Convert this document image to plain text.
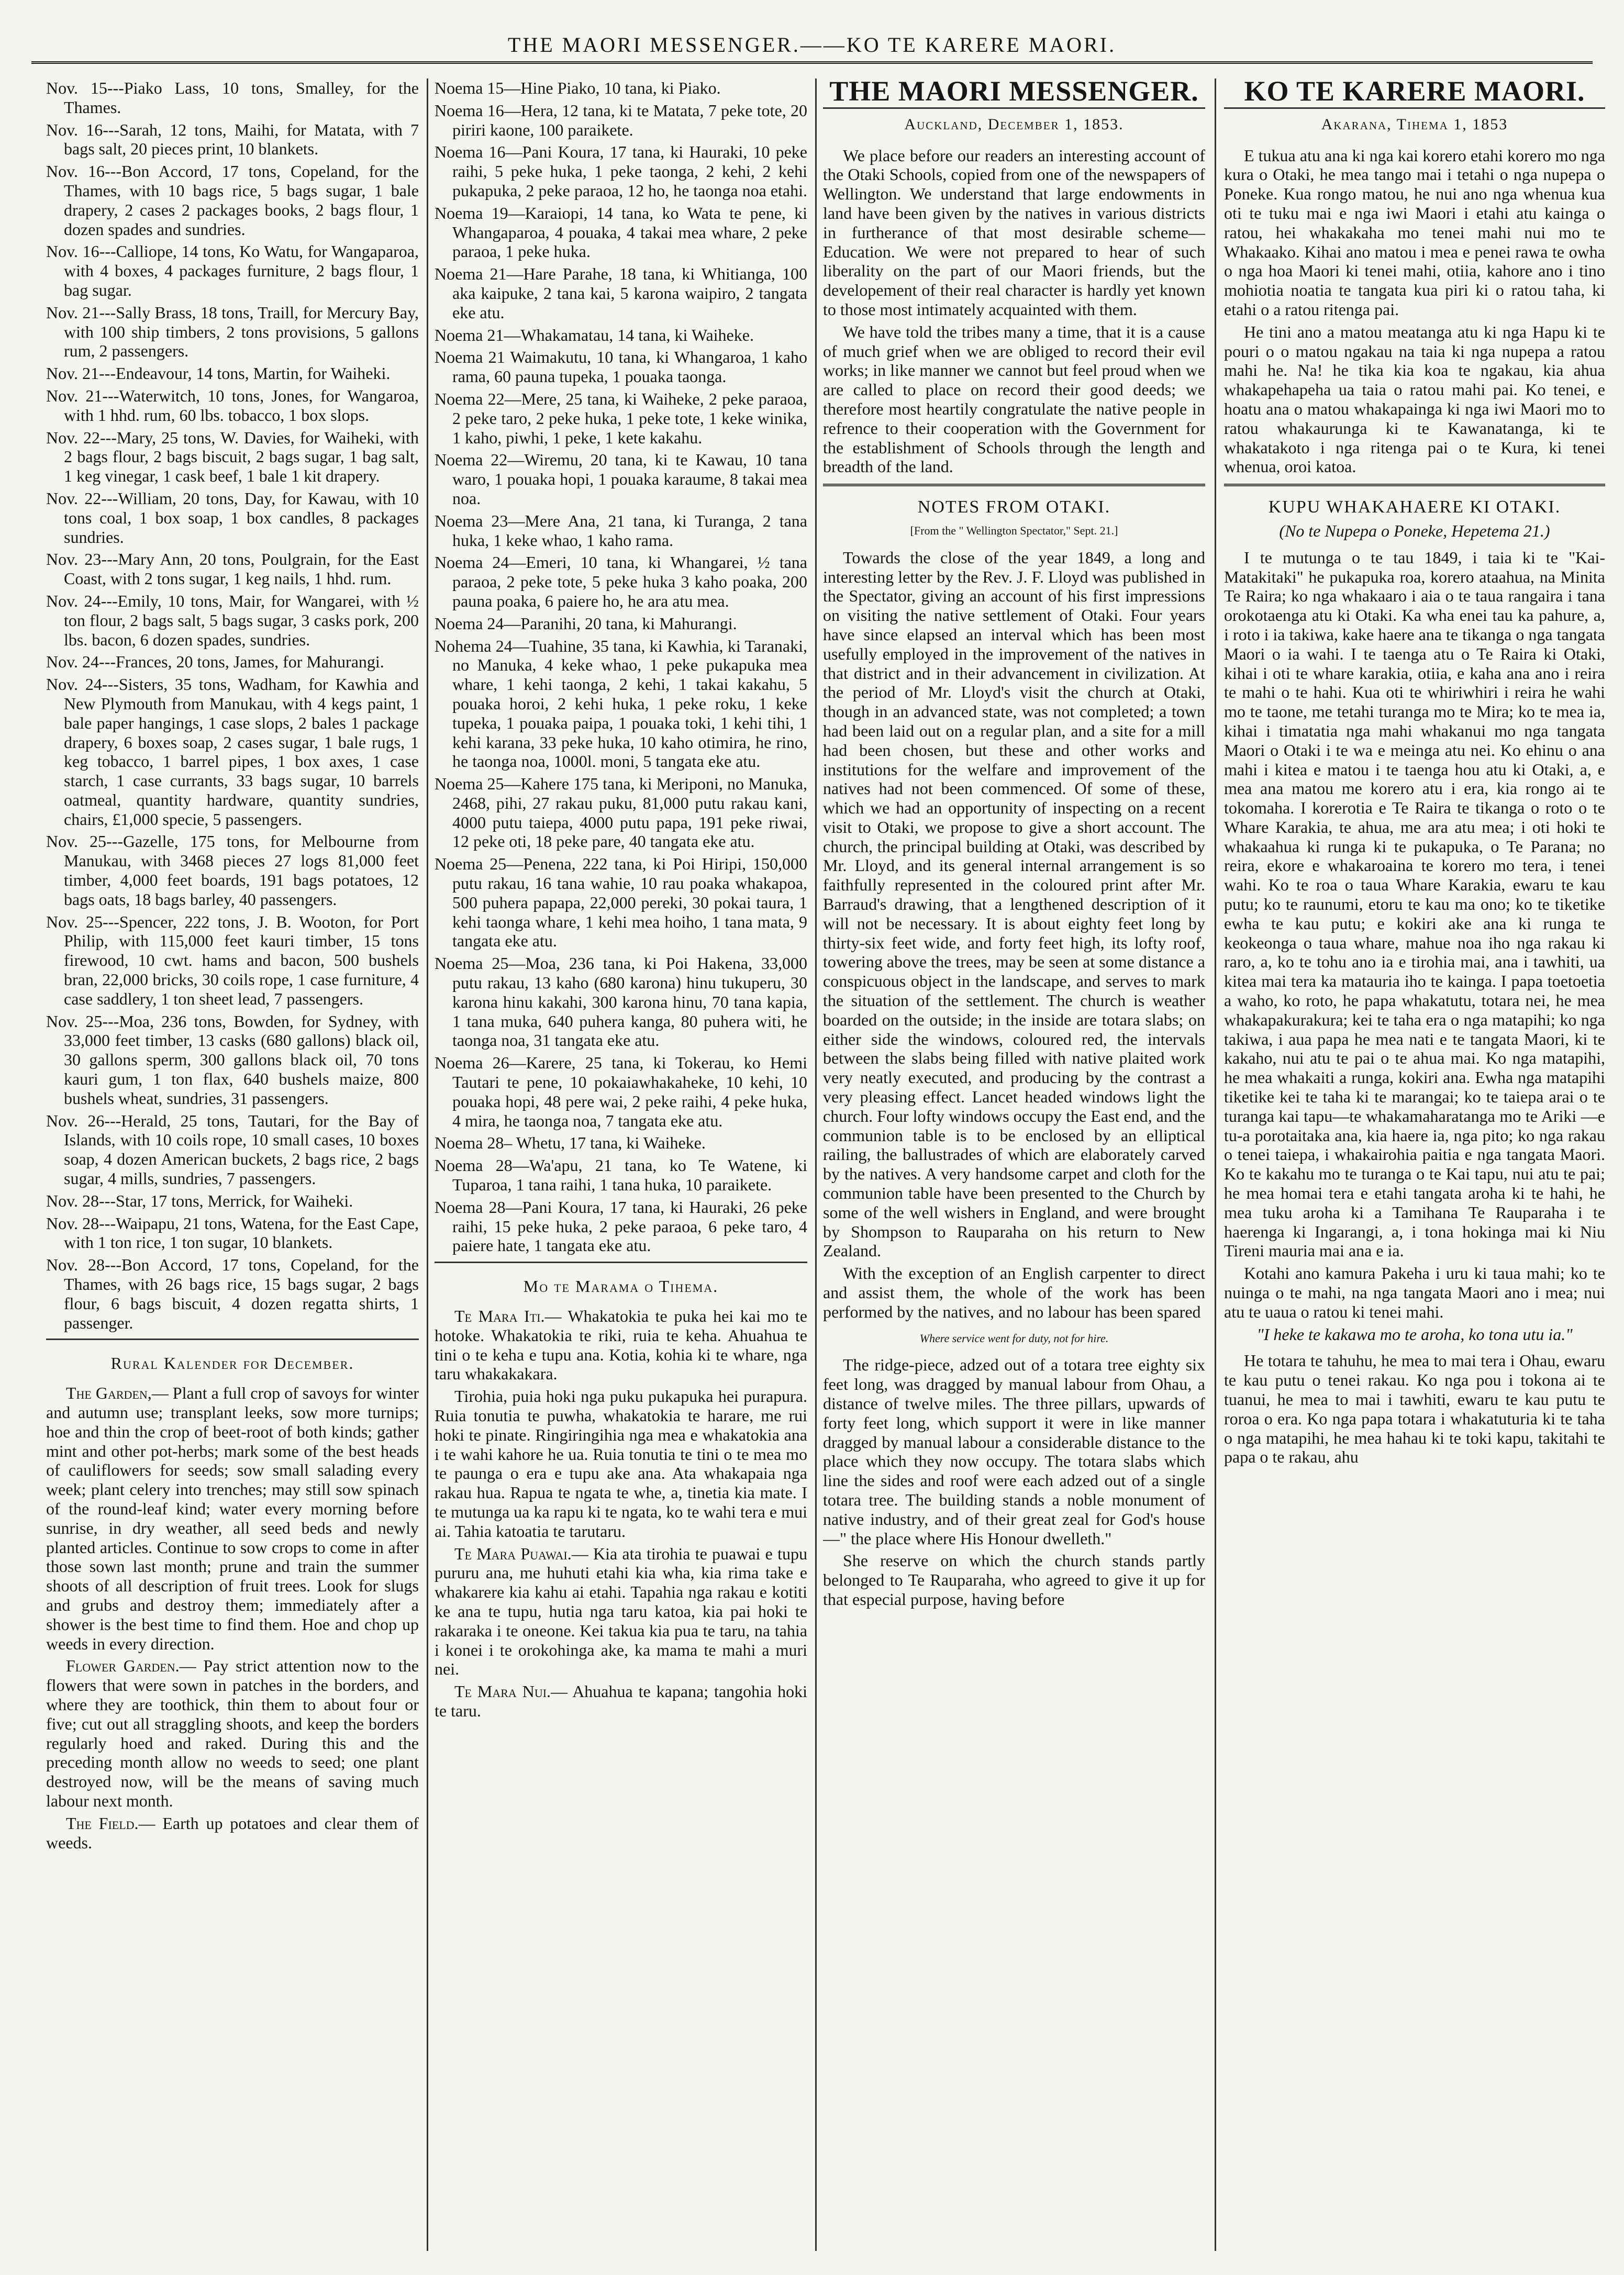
THE MAORI MESSENGER.——KO TE KARERE MAORI.

Nov. 15---Piako Lass, 10 tons, Smalley, for the Thames.

Nov. 16---Sarah, 12 tons, Maihi, for Matata, with 7 bags salt, 20 pieces print, 10 blankets.

Nov. 16---Bon Accord, 17 tons, Copeland, for the Thames, with 10 bags rice, 5 bags sugar, 1 bale drapery, 2 cases 2 packages books, 2 bags flour, 1 dozen spades and sundries.

Nov. 16---Calliope, 14 tons, Ko Watu, for Wangaparoa, with 4 boxes, 4 packages furniture, 2 bags flour, 1 bag sugar.

Nov. 21---Sally Brass, 18 tons, Traill, for Mercury Bay, with 100 ship timbers, 2 tons provisions, 5 gallons rum, 2 passengers.

Nov. 21---Endeavour, 14 tons, Martin, for Waiheki.

Nov. 21---Waterwitch, 10 tons, Jones, for Wangaroa, with 1 hhd. rum, 60 lbs. tobacco, 1 box slops.

Nov. 22---Mary, 25 tons, W. Davies, for Waiheki, with 2 bags flour, 2 bags biscuit, 2 bags sugar, 1 bag salt, 1 keg vinegar, 1 cask beef, 1 bale 1 kit drapery.

Nov. 22---William, 20 tons, Day, for Kawau, with 10 tons coal, 1 box soap, 1 box candles, 8 packages sundries.

Nov. 23---Mary Ann, 20 tons, Poulgrain, for the East Coast, with 2 tons sugar, 1 keg nails, 1 hhd. rum.

Nov. 24---Emily, 10 tons, Mair, for Wangarei, with ½ ton flour, 2 bags salt, 5 bags sugar, 3 casks pork, 200 lbs. bacon, 6 dozen spades, sundries.

Nov. 24---Frances, 20 tons, James, for Mahurangi.

Nov. 24---Sisters, 35 tons, Wadham, for Kawhia and New Plymouth from Manukau, with 4 kegs paint, 1 bale paper hangings, 1 case slops, 2 bales 1 package drapery, 6 boxes soap, 2 cases sugar, 1 bale rugs, 1 keg tobacco, 1 barrel pipes, 1 box axes, 1 case starch, 1 case currants, 33 bags sugar, 10 barrels oatmeal, quantity hardware, quantity sundries, chairs, £1,000 specie, 5 passengers.

Nov. 25---Gazelle, 175 tons, for Melbourne from Manukau, with 3468 pieces 27 logs 81,000 feet timber, 4,000 feet boards, 191 bags potatoes, 12 bags oats, 18 bags barley, 40 passengers.

Nov. 25---Spencer, 222 tons, J. B. Wooton, for Port Philip, with 115,000 feet kauri timber, 15 tons firewood, 10 cwt. hams and bacon, 500 bushels bran, 22,000 bricks, 30 coils rope, 1 case furniture, 4 case saddlery, 1 ton sheet lead, 7 passengers.

Nov. 25---Moa, 236 tons, Bowden, for Sydney, with 33,000 feet timber, 13 casks (680 gallons) black oil, 30 gallons sperm, 300 gallons black oil, 70 tons kauri gum, 1 ton flax, 640 bushels maize, 800 bushels wheat, sundries, 31 passengers.

Nov. 26---Herald, 25 tons, Tautari, for the Bay of Islands, with 10 coils rope, 10 small cases, 10 boxes soap, 4 dozen American buckets, 2 bags rice, 2 bags sugar, 4 mills, sundries, 7 passengers.

Nov. 28---Star, 17 tons, Merrick, for Waiheki.

Nov. 28---Waipapu, 21 tons, Watena, for the East Cape, with 1 ton rice, 1 ton sugar, 10 blankets.

Nov. 28---Bon Accord, 17 tons, Copeland, for the Thames, with 26 bags rice, 15 bags sugar, 2 bags flour, 6 bags biscuit, 4 dozen regatta shirts, 1 passenger.

Rural Kalender for December.

The Garden,— Plant a full crop of savoys for winter and autumn use; transplant leeks, sow more turnips; hoe and thin the crop of beet-root of both kinds; gather mint and other pot-herbs; mark some of the best heads of cauliflowers for seeds; sow small salading every week; plant celery into trenches; may still sow spinach of the round-leaf kind; water every morning before sunrise, in dry weather, all seed beds and newly planted articles. Continue to sow crops to come in after those sown last month; prune and train the summer shoots of all description of fruit trees. Look for slugs and grubs and destroy them; immediately after a shower is the best time to find them. Hoe and chop up weeds in every direction.

Flower Garden.— Pay strict attention now to the flowers that were sown in patches in the borders, and where they are toothick, thin them to about four or five; cut out all straggling shoots, and keep the borders regularly hoed and raked. During this and the preceding month allow no weeds to seed; one plant destroyed now, will be the means of saving much labour next month.

The Field.— Earth up potatoes and clear them of weeds.

Noema 15—Hine Piako, 10 tana, ki Piako.

Noema 16—Hera, 12 tana, ki te Matata, 7 peke tote, 20 piriri kaone, 100 paraikete.

Noema 16—Pani Koura, 17 tana, ki Hauraki, 10 peke raihi, 5 peke huka, 1 peke taonga, 2 kehi, 2 kehi pukapuka, 2 peke paraoa, 12 ho, he taonga noa etahi.

Noema 19—Karaiopi, 14 tana, ko Wata te pene, ki Whangaparoa, 4 pouaka, 4 takai mea whare, 2 peke paraoa, 1 peke huka.

Noema 21—Hare Parahe, 18 tana, ki Whitianga, 100 aka kaipuke, 2 tana kai, 5 karona waipiro, 2 tangata eke atu.

Noema 21—Whakamatau, 14 tana, ki Waiheke.

Noema 21 Waimakutu, 10 tana, ki Whangaroa, 1 kaho rama, 60 pauna tupeka, 1 pouaka taonga.

Noema 22—Mere, 25 tana, ki Waiheke, 2 peke paraoa, 2 peke taro, 2 peke huka, 1 peke tote, 1 keke winika, 1 kaho, piwhi, 1 peke, 1 kete kakahu.

Noema 22—Wiremu, 20 tana, ki te Kawau, 10 tana waro, 1 pouaka hopi, 1 pouaka karaume, 8 takai mea noa.

Noema 23—Mere Ana, 21 tana, ki Turanga, 2 tana huka, 1 keke whao, 1 kaho rama.

Noema 24—Emeri, 10 tana, ki Whangarei, ½ tana paraoa, 2 peke tote, 5 peke huka 3 kaho poaka, 200 pauna poaka, 6 paiere ho, he ara atu mea.

Noema 24—Paranihi, 20 tana, ki Mahurangi.

Nohema 24—Tuahine, 35 tana, ki Kawhia, ki Taranaki, no Manuka, 4 keke whao, 1 peke pukapuka mea whare, 1 kehi taonga, 2 kehi, 1 takai kakahu, 5 pouaka horoi, 2 kehi huka, 1 peke roku, 1 keke tupeka, 1 pouaka paipa, 1 pouaka toki, 1 kehi tihi, 1 kehi karana, 33 peke huka, 10 kaho otimira, he rino, he taonga noa, 1000l. moni, 5 tangata eke atu.

Noema 25—Kahere 175 tana, ki Meriponi, no Manuka, 2468, pihi, 27 rakau puku, 81,000 putu rakau kani, 4000 putu taiepa, 4000 putu papa, 191 peke riwai, 12 peke oti, 18 peke pare, 40 tangata eke atu.

Noema 25—Penena, 222 tana, ki Poi Hiripi, 150,000 putu rakau, 16 tana wahie, 10 rau poaka whakapoa, 500 puhera papapa, 22,000 pereki, 30 pokai taura, 1 kehi taonga whare, 1 kehi mea hoiho, 1 tana mata, 9 tangata eke atu.

Noema 25—Moa, 236 tana, ki Poi Hakena, 33,000 putu rakau, 13 kaho (680 karona) hinu tukuperu, 30 karona hinu kakahi, 300 karona hinu, 70 tana kapia, 1 tana muka, 640 puhera kanga, 80 puhera witi, he taonga noa, 31 tangata eke atu.

Noema 26—Karere, 25 tana, ki Tokerau, ko Hemi Tautari te pene, 10 pokaiawhakaheke, 10 kehi, 10 pouaka hopi, 48 pere wai, 2 peke raihi, 4 peke huka, 4 mira, he taonga noa, 7 tangata eke atu.

Noema 28– Whetu, 17 tana, ki Waiheke.

Noema 28—Wa'apu, 21 tana, ko Te Watene, ki Tuparoa, 1 tana raihi, 1 tana huka, 10 paraikete.

Noema 28—Pani Koura, 17 tana, ki Hauraki, 26 peke raihi, 15 peke huka, 2 peke paraoa, 6 peke taro, 4 paiere hate, 1 tangata eke atu.

Mo te Marama o Tihema.

Te Mara Iti.— Whakatokia te puka hei kai mo te hotoke. Whakatokia te riki, ruia te keha. Ahuahua te tini o te keha e tupu ana. Kotia, kohia ki te whare, nga taru whakakakara.

Tirohia, puia hoki nga puku pukapuka hei purapura. Ruia tonutia te puwha, whakatokia te harare, me rui hoki te pinate. Ringiringihia nga mea e whakatokia ana i te wahi kahore he ua. Ruia tonutia te tini o te mea mo te paunga o era e tupu ake ana. Ata whakapaia nga rakau hua. Rapua te ngata te whe, a, tinetia kia mate. I te mutunga ua ka rapu ki te ngata, ko te wahi tera e mui ai. Tahia katoatia te tarutaru.

Te Mara Puawai.— Kia ata tirohia te puawai e tupu pururu ana, me huhuti etahi kia wha, kia rima take e whakarere kia kahu ai etahi. Tapahia nga rakau e kotiti ke ana te tupu, hutia nga taru katoa, kia pai hoki te rakaraka i te oneone. Kei takua kia pua te taru, na tahia i konei i te orokohinga ake, ka mama te mahi a muri nei.

Te Mara Nui.— Ahuahua te kapana; tangohia hoki te taru.

THE MAORI MESSENGER.
Auckland, December 1, 1853.

We place before our readers an interesting account of the Otaki Schools, copied from one of the newspapers of Wellington. We understand that large endowments in land have been given by the natives in various districts in furtherance of that most desirable scheme—Education. We were not prepared to hear of such liberality on the part of our Maori friends, but the developement of their real character is hardly yet known to those most intimately acquainted with them.

We have told the tribes many a time, that it is a cause of much grief when we are obliged to record their evil works; in like manner we cannot but feel proud when we are called to place on record their good deeds; we therefore most heartily congratulate the native people in refrence to their cooperation with the Government for the establishment of Schools through the length and breadth of the land.

NOTES FROM OTAKI.
[From the " Wellington Spectator," Sept. 21.]

Towards the close of the year 1849, a long and interesting letter by the Rev. J. F. Lloyd was published in the Spectator, giving an account of his first impressions on visiting the native settlement of Otaki. Four years have since elapsed an interval which has been most usefully employed in the improvement of the natives in that district and in their advancement in civilization. At the period of Mr. Lloyd's visit the church at Otaki, though in an advanced state, was not completed; a town had been laid out on a regular plan, and a site for a mill had been chosen, but these and other works and institutions for the welfare and improvement of the natives had not been commenced. Of some of these, which we had an opportunity of inspecting on a recent visit to Otaki, we propose to give a short account. The church, the principal building at Otaki, was described by Mr. Lloyd, and its general internal arrangement is so faithfully represented in the coloured print after Mr. Barraud's drawing, that a lengthened description of it will not be necessary. It is about eighty feet long by thirty-six feet wide, and forty feet high, its lofty roof, towering above the trees, may be seen at some distance a conspicuous object in the landscape, and serves to mark the situation of the settlement. The church is weather boarded on the outside; in the inside are totara slabs; on either side the windows, coloured red, the intervals between the slabs being filled with native plaited work very neatly executed, and producing by the contrast a very pleasing effect. Lancet headed windows light the church. Four lofty windows occupy the East end, and the communion table is to be enclosed by an elliptical railing, the ballustrades of which are elaborately carved by the natives. A very handsome carpet and cloth for the communion table have been presented to the Church by some of the well wishers in England, and were brought by Shompson to Rauparaha on his return to New Zealand.

With the exception of an English carpenter to direct and assist them, the whole of the work has been performed by the natives, and no labour has been spared

Where service went for duty, not for hire.

The ridge-piece, adzed out of a totara tree eighty six feet long, was dragged by manual labour from Ohau, a distance of twelve miles. The three pillars, upwards of forty feet long, which support it were in like manner dragged by manual labour a considerable distance to the place which they now occupy. The totara slabs which line the sides and roof were each adzed out of a single totara tree. The building stands a noble monument of native industry, and of their great zeal for God's house—" the place where His Honour dwelleth."

She reserve on which the church stands partly belonged to Te Rauparaha, who agreed to give it up for that especial purpose, having before

KO TE KARERE MAORI.
Akarana, Tihema 1, 1853

E tukua atu ana ki nga kai korero etahi korero mo nga kura o Otaki, he mea tango mai i tetahi o nga nupepa o Poneke. Kua rongo matou, he nui ano nga whenua kua oti te tuku mai e nga iwi Maori i etahi atu kainga o ratou, hei whakakaha mo tenei mahi nui mo te Whakaako. Kihai ano matou i mea e penei rawa te owha o nga hoa Maori ki tenei mahi, otiia, kahore ano i tino mohiotia noatia te tangata kua piri ki o ratou taha, ki etahi o a ratou ritenga pai.

He tini ano a matou meatanga atu ki nga Hapu ki te pouri o o matou ngakau na taia ki nga nupepa a ratou mahi he. Na! he tika kia koa te ngakau, kia ahua whakapehapeha ua taia o ratou mahi pai. Ko tenei, e hoatu ana o matou whakapainga ki nga iwi Maori mo to ratou whakaurunga ki te Kawanatanga, ki te whakatakoto i nga ritenga pai o te Kura, ki tenei whenua, oroi katoa.

KUPU WHAKAHAERE KI OTAKI.
(No te Nupepa o Poneke, Hepetema 21.)

I te mutunga o te tau 1849, i taia ki te "Kai-Matakitaki" he pukapuka roa, korero ataahua, na Minita Te Raira; ko nga whakaaro i aia o te taua rangaira i tana orokotaenga atu ki Otaki. Ka wha enei tau ka pahure, a, i roto i ia takiwa, kake haere ana te tikanga o nga tangata Maori o ia wahi. I te taenga atu o Te Raira ki Otaki, kihai i oti te whare karakia, otiia, e kaha ana ano i reira te mahi o te hahi. Kua oti te whiriwhiri i reira he wahi mo te taone, me tetahi turanga mo te Mira; ko te mea ia, kihai i timatatia nga mahi whakanui mo nga tangata Maori o Otaki i te wa e meinga atu nei. Ko ehinu o ana mahi i kitea e matou i te taenga hou atu ki Otaki, a, e mea ana matou me korero atu i era, kia rongo ai te tokomaha. I korerotia e Te Raira te tikanga o roto o te Whare Karakia, te ahua, me ara atu mea; i oti hoki te whakaahua ki runga ki te pukapuka, o Te Parana; no reira, ekore e whakaroaina te korero mo tera, i tenei wahi. Ko te roa o taua Whare Karakia, ewaru te kau putu; ko te raunumi, etoru te kau ma ono; ko te tiketike ewha te kau putu; e kokiri ake ana ki runga te keokeonga o taua whare, mahue noa iho nga rakau ki raro, a, ko te tohu ano ia e tirohia mai, ana i tawhiti, ua kitea mai tera ka matauria iho te kainga. I papa toetoetia a waho, ko roto, he papa whakatutu, totara nei, he mea whakapakurakura; kei te taha era o nga matapihi; ko nga takiwa, i aua papa he mea nati e te tangata Maori, ki te kakaho, nui atu te pai o te ahua mai. Ko nga matapihi, he mea whakaiti a runga, kokiri ana. Ewha nga matapihi tiketike kei te taha ki te marangai; ko te taiepa arai o te turanga kai tapu—te whakamaharatanga mo te Ariki —e tu-a porotaitaka ana, kia haere ia, nga pito; ko nga rakau o tenei taiepa, i whakairohia paitia e nga tangata Maori. Ko te kakahu mo te turanga o te Kai tapu, nui atu te pai; he mea homai tera e etahi tangata aroha ki te hahi, he mea tuku aroha ki a Tamihana Te Rauparaha i te haerenga ki Ingarangi, a, i tona hokinga mai ki Niu Tireni mauria mai ana e ia.

Kotahi ano kamura Pakeha i uru ki taua mahi; ko te nuinga o te mahi, na nga tangata Maori ano i mea; nui atu te uaua o ratou ki tenei mahi.

"I heke te kakawa mo te aroha, ko tona utu ia."

He totara te tahuhu, he mea to mai tera i Ohau, ewaru te kau putu o tenei rakau. Ko nga pou i tokona ai te tuanui, he mea to mai i tawhiti, ewaru te kau putu te roroa o era. Ko nga papa totara i whakatuturia ki te taha o nga matapihi, he mea hahau ki te toki kapu, takitahi te papa o te rakau, ahu
